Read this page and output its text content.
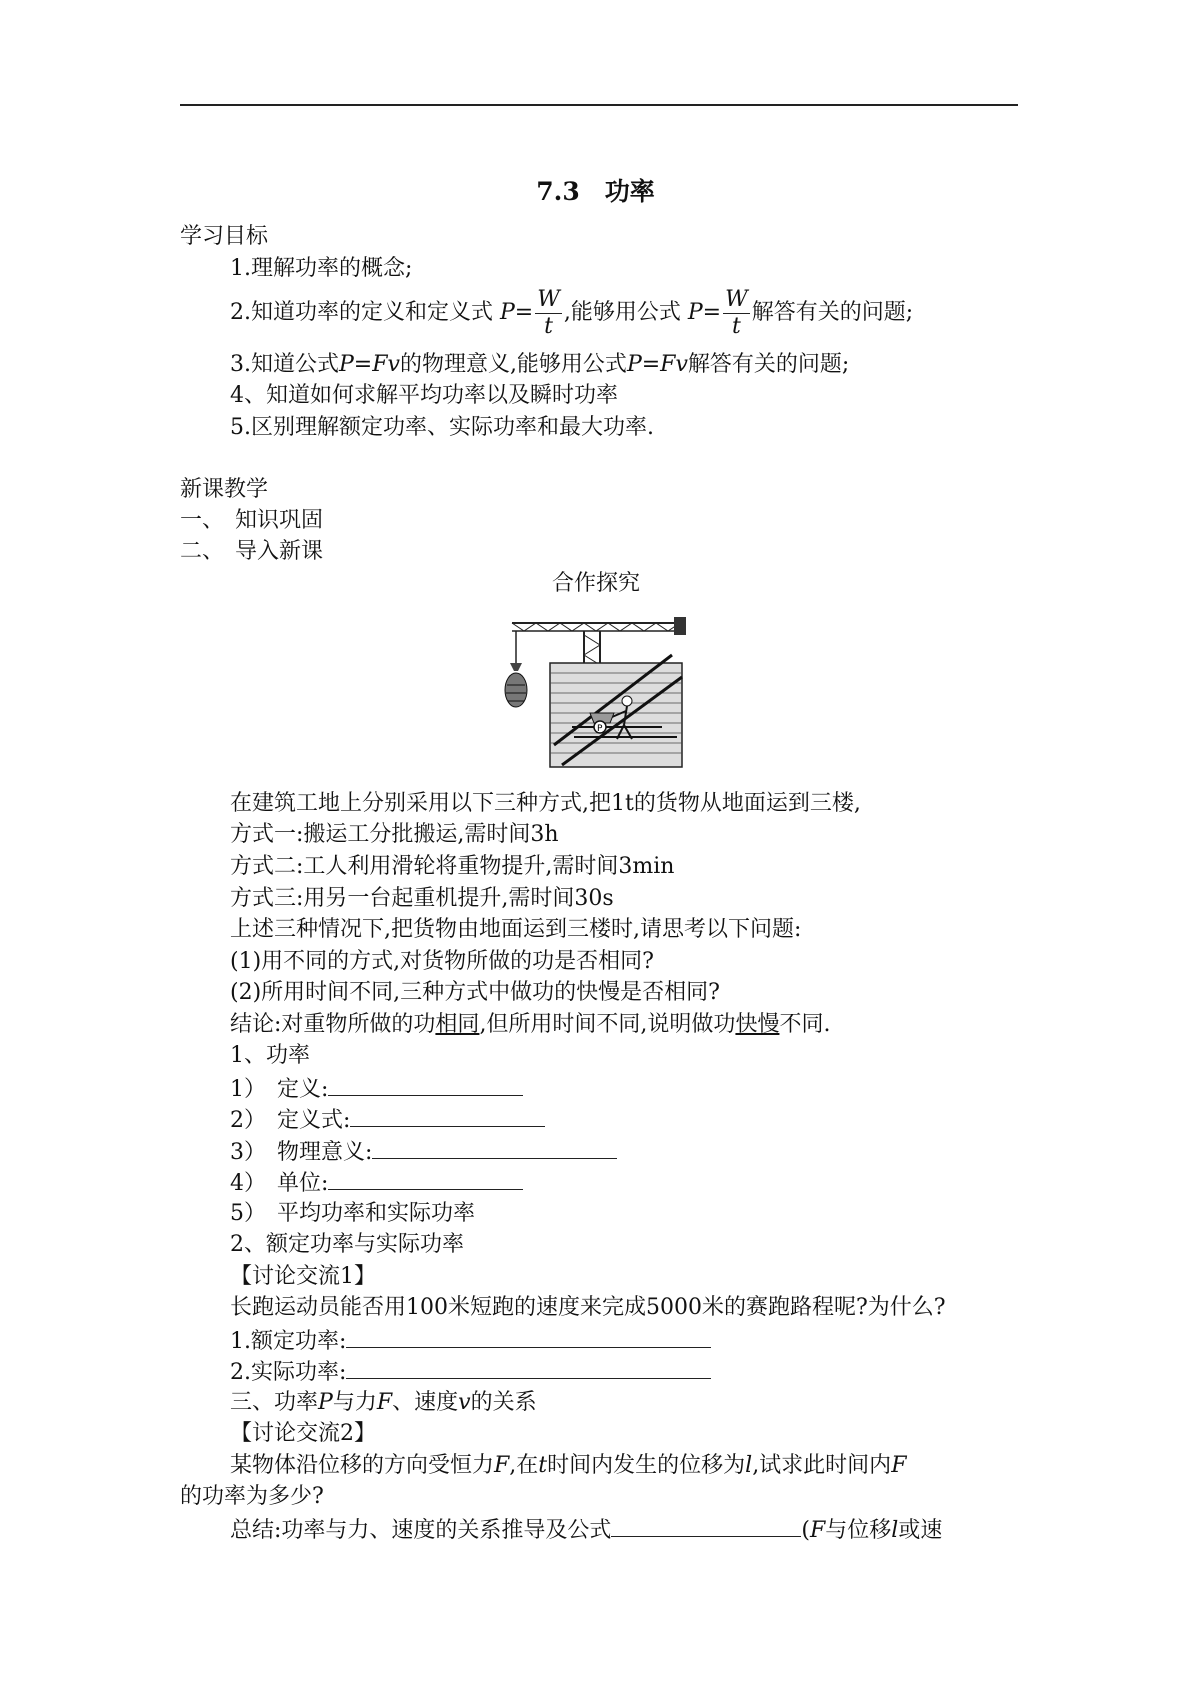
7.3　功率
学习目标
1.理解功率的概念;
2.知道功率的定义和定义式 $P= \frac{W}{t}$ ,能够用公式 $P= \frac{W}{t}$ 解答有关的问题;
3.知道公式P=Fv的物理意义,能够用公式P=Fv解答有关的问题;
4、知道如何求解平均功率以及瞬时功率
5.区别理解额定功率、实际功率和最大功率.
新课教学
一、　知识巩固
二、　导入新课
合作探究
P
在建筑工地上分别采用以下三种方式,把1t的货物从地面运到三楼,
方式一:搬运工分批搬运,需时间3h
方式二:工人利用滑轮将重物提升,需时间3min
方式三:用另一台起重机提升,需时间30s
上述三种情况下,把货物由地面运到三楼时,请思考以下问题:
(1)用不同的方式,对货物所做的功是否相同?
(2)所用时间不同,三种方式中做功的快慢是否相同?
结论:对重物所做的功相同,但所用时间不同,说明做功快慢不同.
1、功率
1）　定义:
2）　定义式:
3）　物理意义:
4）　单位:
5）　平均功率和实际功率
2、额定功率与实际功率
【讨论交流1】
长跑运动员能否用100米短跑的速度来完成5000米的赛跑路程呢?为什么?
1.额定功率:
2.实际功率:
三、功率P与力F、速度v的关系
【讨论交流2】
某物体沿位移的方向受恒力F,在t时间内发生的位移为l,试求此时间内F
的功率为多少?
总结:功率与力、速度的关系推导及公式	(F与位移l或速
